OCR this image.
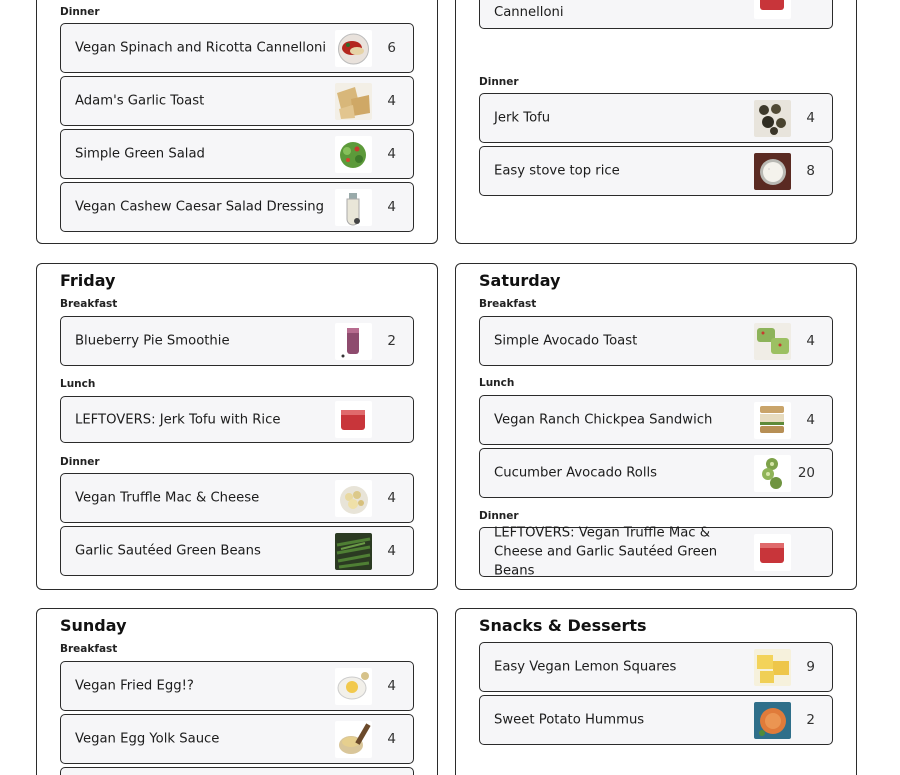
Dinner
Vegan Spinach and Ricotta Cannelloni	6
Adam's Garlic Toast	4
Simple Green Salad	4
Vegan Cashew Caesar Salad Dressing	4
Cannelloni
Dinner
Jerk Tofu	4
Easy stove top rice	8
Friday
Breakfast
Blueberry Pie Smoothie	2
Lunch
LEFTOVERS: Jerk Tofu with Rice
Dinner
Vegan Truffle Mac & Cheese	4
Garlic Sautéed Green Beans	4
Saturday
Breakfast
Simple Avocado Toast	4
Lunch
Vegan Ranch Chickpea Sandwich	4
Cucumber Avocado Rolls	20
Dinner
LEFTOVERS: Vegan Truffle Mac & Cheese and Garlic Sautéed Green Beans
Sunday
Breakfast
Vegan Fried Egg!?	4
Vegan Egg Yolk Sauce	4
Snacks & Desserts
Easy Vegan Lemon Squares	9
Sweet Potato Hummus	2
